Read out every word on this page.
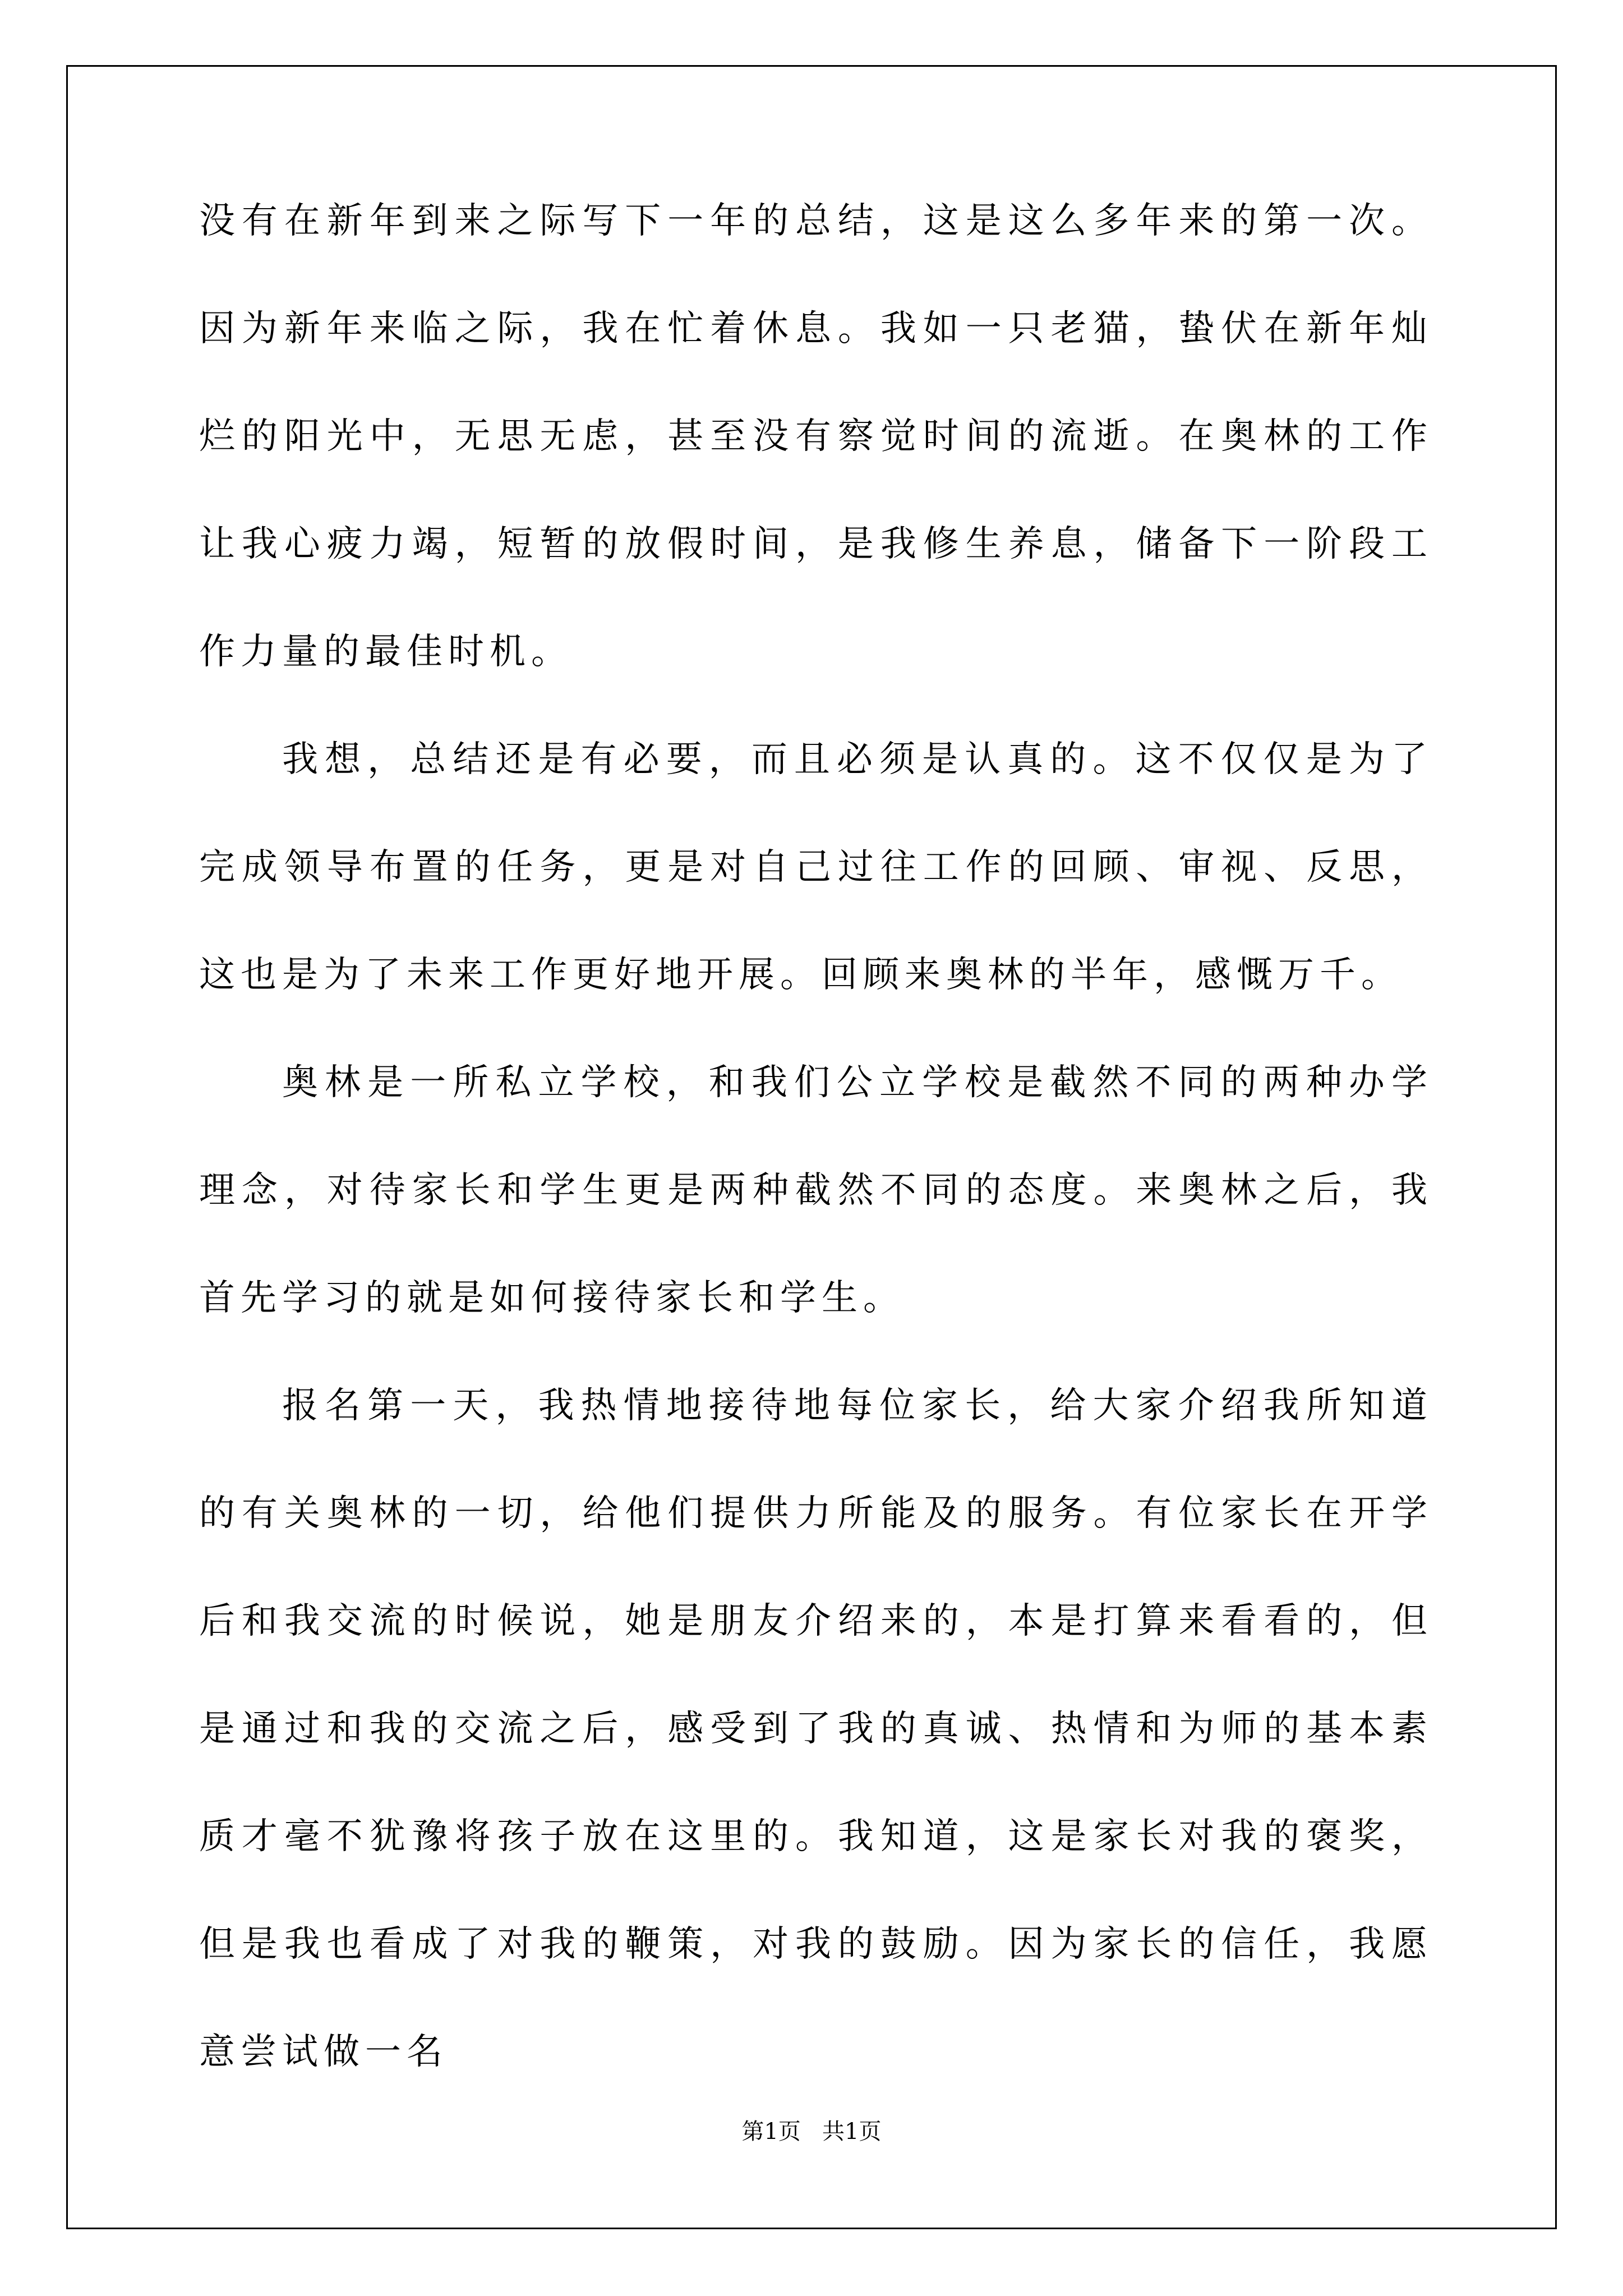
没有在新年到来之际写下一年的总结，这是这么多年来的第一次。因为新年来临之际，我在忙着休息。我如一只老猫，蛰伏在新年灿烂的阳光中，无思无虑，甚至没有察觉时间的流逝。在奥林的工作让我心疲力竭，短暂的放假时间，是我修生养息，储备下一阶段工作力量的最佳时机。

我想，总结还是有必要，而且必须是认真的。这不仅仅是为了完成领导布置的任务，更是对自己过往工作的回顾、审视、反思，这也是为了未来工作更好地开展。回顾来奥林的半年，感慨万千。

奥林是一所私立学校，和我们公立学校是截然不同的两种办学理念，对待家长和学生更是两种截然不同的态度。来奥林之后，我首先学习的就是如何接待家长和学生。

报名第一天，我热情地接待地每位家长，给大家介绍我所知道的有关奥林的一切，给他们提供力所能及的服务。有位家长在开学后和我交流的时候说，她是朋友介绍来的，本是打算来看看的，但是通过和我的交流之后，感受到了我的真诚、热情和为师的基本素质才毫不犹豫将孩子放在这里的。我知道，这是家长对我的褒奖，但是我也看成了对我的鞭策，对我的鼓励。因为家长的信任，我愿意尝试做一名

第1页   共1页
